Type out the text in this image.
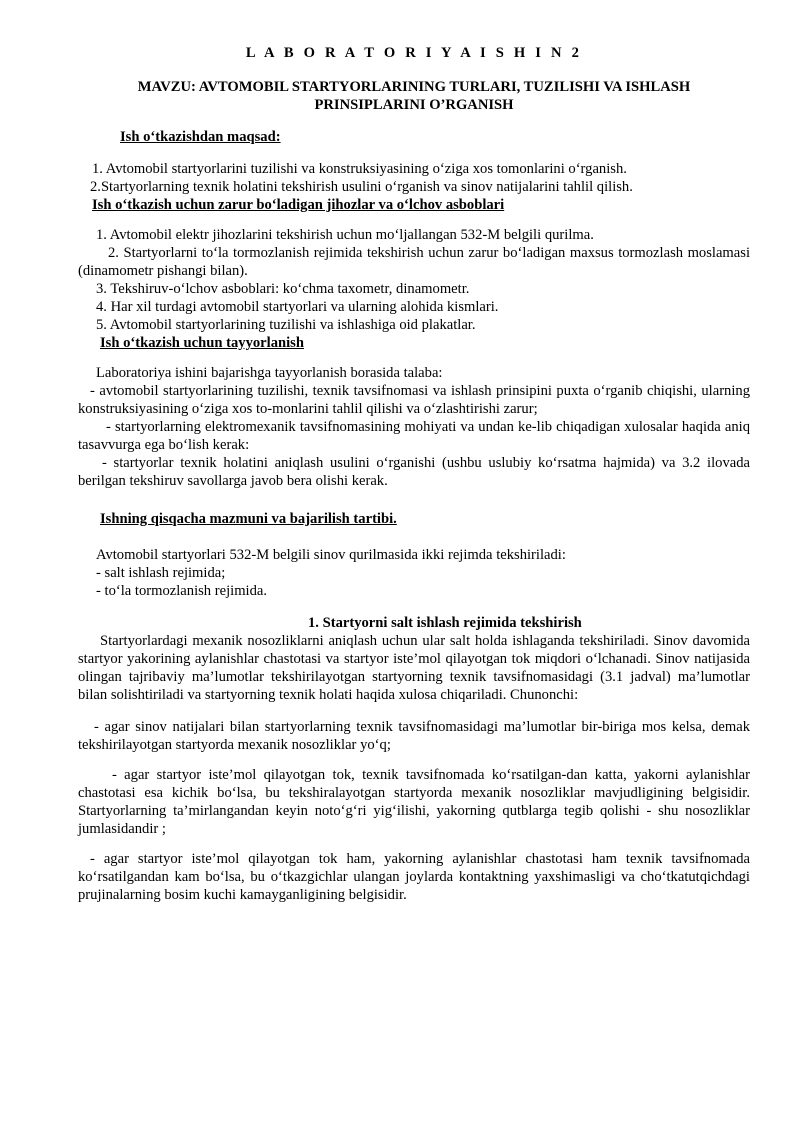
L A B O R A T O R I Y A I S H I N 2

MAVZU: AVTOMOBIL STARTYORLARINING TURLARI, TUZILISHI VA ISHLASH

PRINSIPLARINI O’RGANISH

Ish o‘tkazishdan maqsad:

1. Avtomobil startyorlarini tuzilishi va konstruksiyasining o‘ziga xos tomonlarini o‘rganish.

2.Startyorlarning texnik holatini tekshirish usulini o‘rganish va sinov natijalarini tahlil qilish.

Ish o‘tkazish uchun zarur bo‘ladigan jihozlar va o‘lchov asboblari

1. Avtomobil elektr jihozlarini tekshirish uchun mo‘ljallangan 532-M belgili qurilma.

2. Startyorlarni to‘la tormozlanish rejimida tekshirish uchun zarur bo‘ladigan maxsus tormozlash moslamasi (dinamometr pishangi bilan).

3. Tekshiruv-o‘lchov asboblari: ko‘chma taxometr, dinamometr.

4. Har xil turdagi avtomobil startyorlari va ularning alohida kismlari.

5. Avtomobil startyorlarining tuzilishi va ishlashiga oid plakatlar.

Ish o‘tkazish uchun tayyorlanish

Laboratoriya ishini bajarishga tayyorlanish borasida talaba:

- avtomobil startyorlarining tuzilishi, texnik tavsifnomasi va ishlash prinsipini puxta o‘rganib chiqishi, ularning konstruksiyasining o‘ziga xos to-monlarini tahlil qilishi va o‘zlashtirishi zarur;

- startyorlarning elektromexanik tavsifnomasining mohiyati va undan ke-lib chiqadigan xulosalar haqida aniq tasavvurga ega bo‘lish kerak:

- startyorlar texnik holatini aniqlash usulini o‘rganishi (ushbu uslubiy ko‘rsatma hajmida) va 3.2 ilovada berilgan tekshiruv savollarga javob bera olishi kerak.

Ishning qisqacha mazmuni va bajarilish tartibi.

Avtomobil startyorlari 532-M belgili sinov qurilmasida ikki rejimda tekshiriladi:

- salt ishlash rejimida;

- to‘la tormozlanish rejimida.

1. Startyorni salt ishlash rejimida tekshirish

Startyorlardagi mexanik nosozliklarni aniqlash uchun ular salt holda ishlaganda tekshiriladi. Sinov davomida startyor yakorining aylanishlar chastotasi va startyor iste’mol qilayotgan tok miqdori o‘lchanadi. Sinov natijasida olingan tajribaviy ma’lumotlar tekshirilayotgan startyorning texnik tavsifnomasidagi (3.1 jadval) ma’lumotlar bilan solishtiriladi va startyorning texnik holati haqida xulosa chiqariladi. Chunonchi:

- agar sinov natijalari bilan startyorlarning texnik tavsifnomasidagi ma’lumotlar bir-biriga mos kelsa, demak tekshirilayotgan startyorda mexanik nosozliklar yo‘q;

- agar startyor iste’mol qilayotgan tok, texnik tavsifnomada ko‘rsatilgan-dan katta, yakorni aylanishlar chastotasi esa kichik bo‘lsa, bu tekshiralayotgan startyorda mexanik nosozliklar mavjudligining belgisidir. Startyorlarning ta’mirlangandan keyin noto‘g‘ri yig‘ilishi, yakorning qutblarga tegib qolishi - shu nosozliklar jumlasidandir ;

- agar startyor iste’mol qilayotgan tok ham, yakorning aylanishlar chastotasi ham texnik tavsifnomada ko‘rsatilgandan kam bo‘lsa, bu o‘tkazgichlar ulangan joylarda kontaktning yaxshimasligi va cho‘tkatutqichdagi prujinalarning bosim kuchi kamayganligining belgisidir.
